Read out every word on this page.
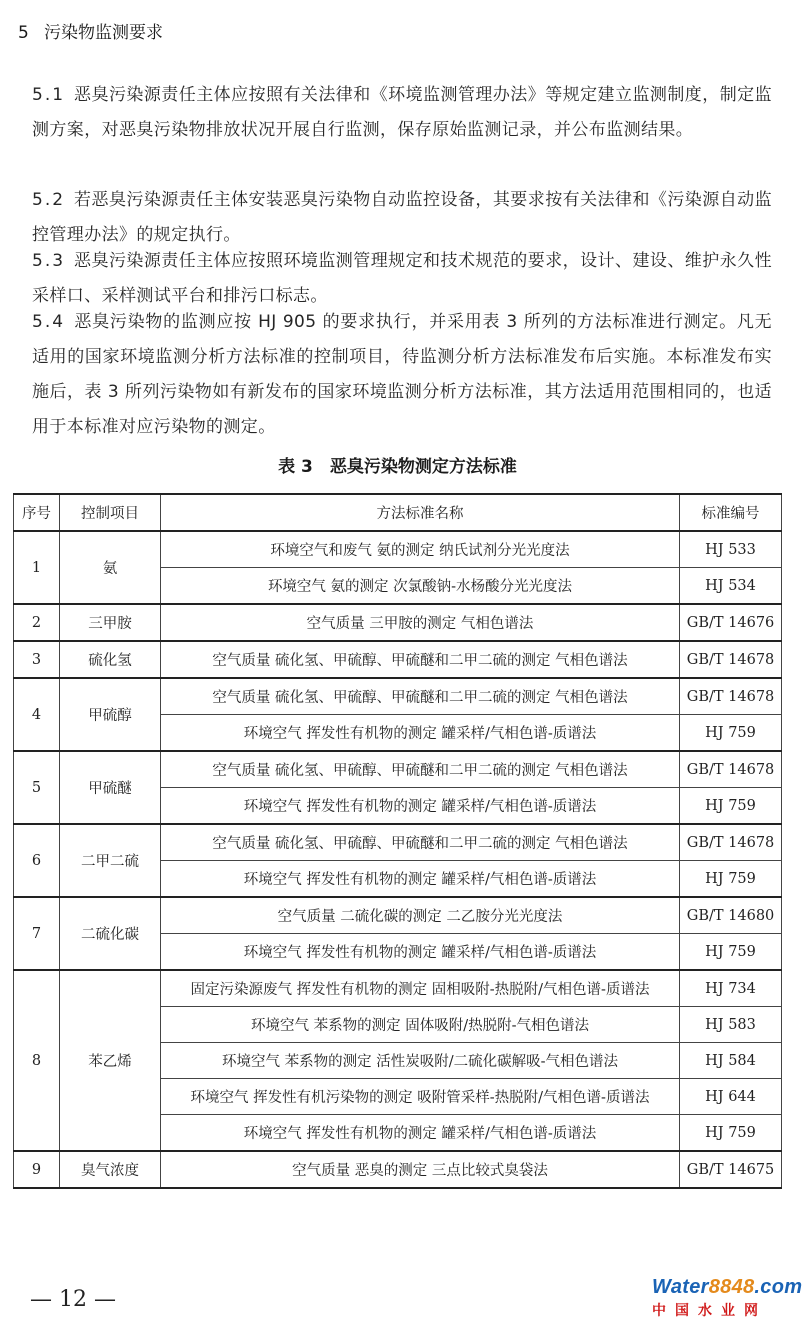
5 污染物监测要求

5.1 恶臭污染源责任主体应按照有关法律和《环境监测管理办法》等规定建立监测制度，制定监测方案，对恶臭污染物排放状况开展自行监测，保存原始监测记录，并公布监测结果。

5.2 若恶臭污染源责任主体安装恶臭污染物自动监控设备，其要求按有关法律和《污染源自动监控管理办法》的规定执行。

5.3 恶臭污染源责任主体应按照环境监测管理规定和技术规范的要求，设计、建设、维护永久性采样口、采样测试平台和排污口标志。

5.4 恶臭污染物的监测应按 HJ 905 的要求执行，并采用表 3 所列的方法标准进行测定。凡无适用的国家环境监测分析方法标准的控制项目，待监测分析方法标准发布后实施。本标准发布实施后，表 3 所列污染物如有新发布的国家环境监测分析方法标准，其方法适用范围相同的，也适用于本标准对应污染物的测定。

表 3　恶臭污染物测定方法标准
序号	控制项目	方法标准名称	标准编号
1	氨	环境空气和废气 氨的测定 纳氏试剂分光光度法	HJ 533
		环境空气 氨的测定 次氯酸钠-水杨酸分光光度法	HJ 534
2	三甲胺	空气质量 三甲胺的测定 气相色谱法	GB/T 14676
3	硫化氢	空气质量 硫化氢、甲硫醇、甲硫醚和二甲二硫的测定 气相色谱法	GB/T 14678
4	甲硫醇	空气质量 硫化氢、甲硫醇、甲硫醚和二甲二硫的测定 气相色谱法	GB/T 14678
		环境空气 挥发性有机物的测定 罐采样/气相色谱-质谱法	HJ 759
5	甲硫醚	空气质量 硫化氢、甲硫醇、甲硫醚和二甲二硫的测定 气相色谱法	GB/T 14678
		环境空气 挥发性有机物的测定 罐采样/气相色谱-质谱法	HJ 759
6	二甲二硫	空气质量 硫化氢、甲硫醇、甲硫醚和二甲二硫的测定 气相色谱法	GB/T 14678
		环境空气 挥发性有机物的测定 罐采样/气相色谱-质谱法	HJ 759
7	二硫化碳	空气质量 二硫化碳的测定 二乙胺分光光度法	GB/T 14680
		环境空气 挥发性有机物的测定 罐采样/气相色谱-质谱法	HJ 759
8	苯乙烯	固定污染源废气 挥发性有机物的测定 固相吸附-热脱附/气相色谱-质谱法	HJ 734
		环境空气 苯系物的测定 固体吸附/热脱附-气相色谱法	HJ 583
		环境空气 苯系物的测定 活性炭吸附/二硫化碳解吸-气相色谱法	HJ 584
		环境空气 挥发性有机污染物的测定 吸附管采样-热脱附/气相色谱-质谱法	HJ 644
		环境空气 挥发性有机物的测定 罐采样/气相色谱-质谱法	HJ 759
9	臭气浓度	空气质量 恶臭的测定 三点比较式臭袋法	GB/T 14675
— 12 —	Water8848.com
中国水业网
